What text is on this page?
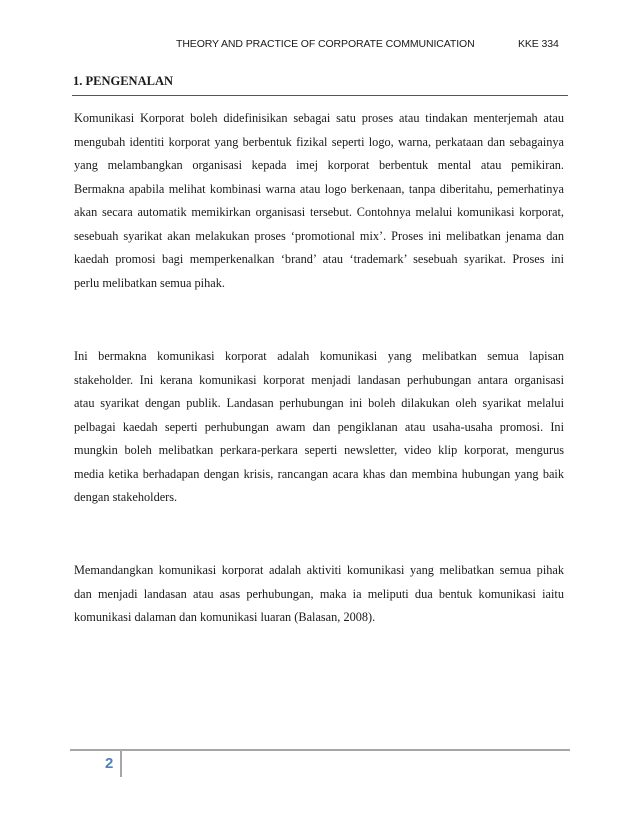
THEORY AND PRACTICE OF CORPORATE COMMUNICATION	KKE 334
1. PENGENALAN
Komunikasi Korporat boleh didefinisikan sebagai satu proses atau tindakan menterjemah atau
mengubah identiti korporat yang berbentuk fizikal seperti logo, warna, perkataan dan sebagainya
yang melambangkan organisasi kepada imej korporat berbentuk mental atau pemikiran.
Bermakna apabila melihat kombinasi warna atau logo berkenaan, tanpa diberitahu, pemerhatinya
akan secara automatik memikirkan organisasi tersebut. Contohnya melalui komunikasi korporat,
sesebuah syarikat akan melakukan proses ‘promotional mix’. Proses ini melibatkan jenama dan
kaedah promosi bagi memperkenalkan ‘brand’ atau ‘trademark’ sesebuah syarikat. Proses ini
perlu melibatkan semua pihak.
Ini bermakna komunikasi korporat adalah komunikasi yang melibatkan semua lapisan
stakeholder. Ini kerana komunikasi korporat menjadi landasan perhubungan antara organisasi
atau syarikat dengan publik. Landasan perhubungan ini boleh dilakukan oleh syarikat melalui
pelbagai kaedah seperti perhubungan awam dan pengiklanan atau usaha-usaha promosi. Ini
mungkin boleh melibatkan perkara-perkara seperti newsletter, video klip korporat, mengurus
media ketika berhadapan dengan krisis, rancangan acara khas dan membina hubungan yang baik
dengan stakeholders.
Memandangkan komunikasi korporat adalah aktiviti komunikasi yang melibatkan semua pihak
dan menjadi landasan atau asas perhubungan, maka ia meliputi dua bentuk komunikasi iaitu
komunikasi dalaman dan komunikasi luaran (Balasan, 2008).
2
